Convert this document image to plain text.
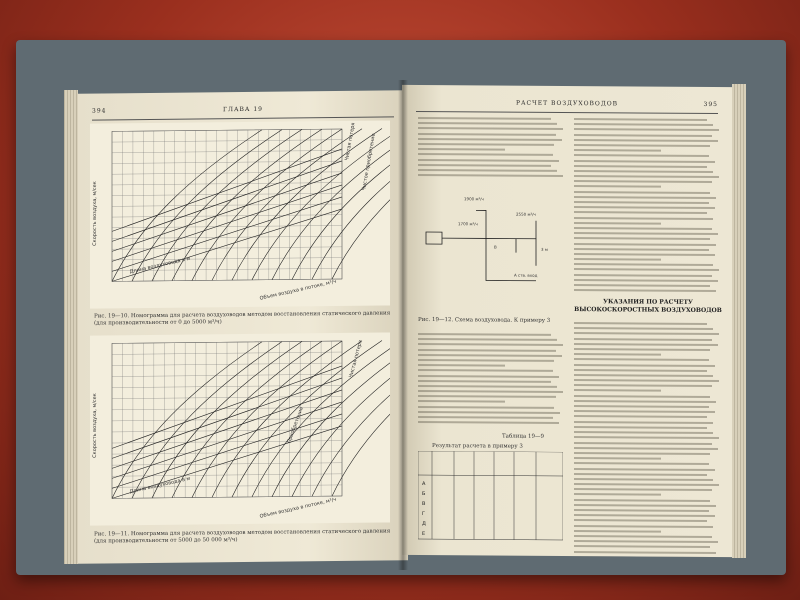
394	ГЛАВА 19
Скорость воздуха, м/сек
Длина воздуховода в м
Объем воздуха в потоке, м³/ч
Чистая потеря Чистое приобретение
Рис. 19—10. Номограмма для расчета воздуховодов методом восстановления статического давления (для производительности от 0 до 5000 м³/ч)
Скорость воздуха, м/сек
Длина воздуховода в м
Объем воздуха в потоке, м³/ч
Чистая потеря
Приобретение
Рис. 19—11. Номограмма для расчета воздуховодов методом восстановления статического давления (для производительности от 5000 до 50 000 м³/ч)
РАСЧЕТ ВОЗДУХОВОДОВ	395
1900 м³/ч
1700 м³/ч
2550 м³/ч
B	3 м
A ств. вход
Рис. 19—12. Схема воздуховода. К примеру 3
УКАЗАНИЯ ПО РАСЧЕТУ ВЫСОКОСКОРОСТНЫХ ВОЗДУХОВОДОВ
Таблица 19—9
Результат расчета в примеру 3
А
Б
В
Г
Д
Е
